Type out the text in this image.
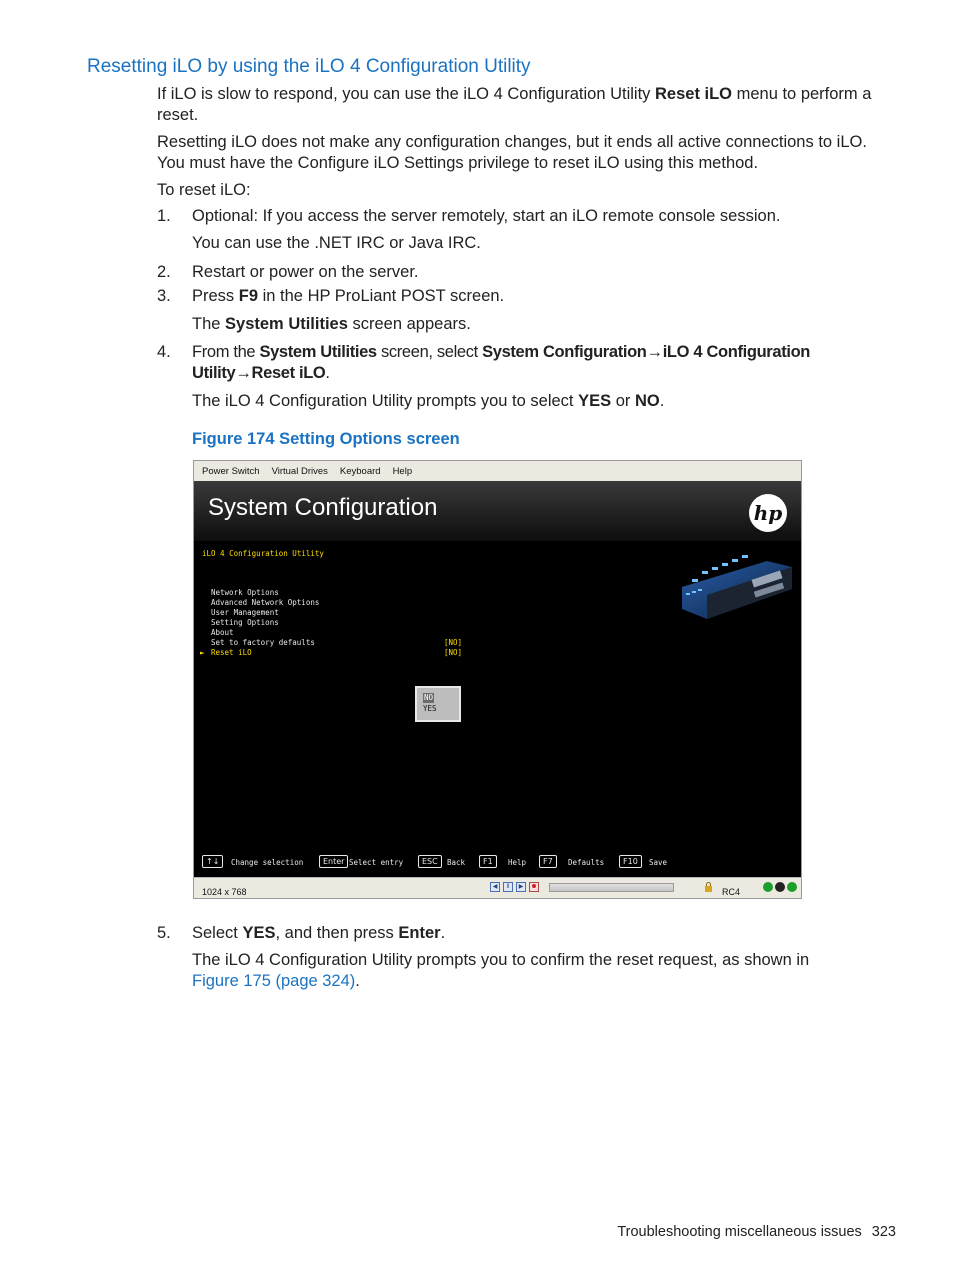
Resetting iLO by using the iLO 4 Configuration Utility

If iLO is slow to respond, you can use the iLO 4 Configuration Utility Reset iLO menu to perform a reset.

Resetting iLO does not make any configuration changes, but it ends all active connections to iLO. You must have the Configure iLO Settings privilege to reset iLO using this method.

To reset iLO:

1. Optional: If you access the server remotely, start an iLO remote console session.

You can use the .NET IRC or Java IRC.

2. Restart or power on the server.

3. Press F9 in the HP ProLiant POST screen.

The System Utilities screen appears.

4. From the System Utilities screen, select System Configuration→iLO 4 Configuration Utility→Reset iLO.

The iLO 4 Configuration Utility prompts you to select YES or NO.

Figure 174 Setting Options screen
Power Switch Virtual Drives Keyboard Help
System Configuration	hp
iLO 4 Configuration Utility
Network Options
Advanced Network Options
User Management
Setting Options
About
Set to factory defaults
► Reset iLO
[NO]
[NO]
NO
YES
↑↓	Change selection	Enter Select entry	ESC	Back	F1	Help	F7	Defaults	F10	Save
1024 x 768	◀	‖	▶	RC4
5. Select YES, and then press Enter.

The iLO 4 Configuration Utility prompts you to confirm the reset request, as shown in Figure 175 (page 324).

Troubleshooting miscellaneous issues 323
